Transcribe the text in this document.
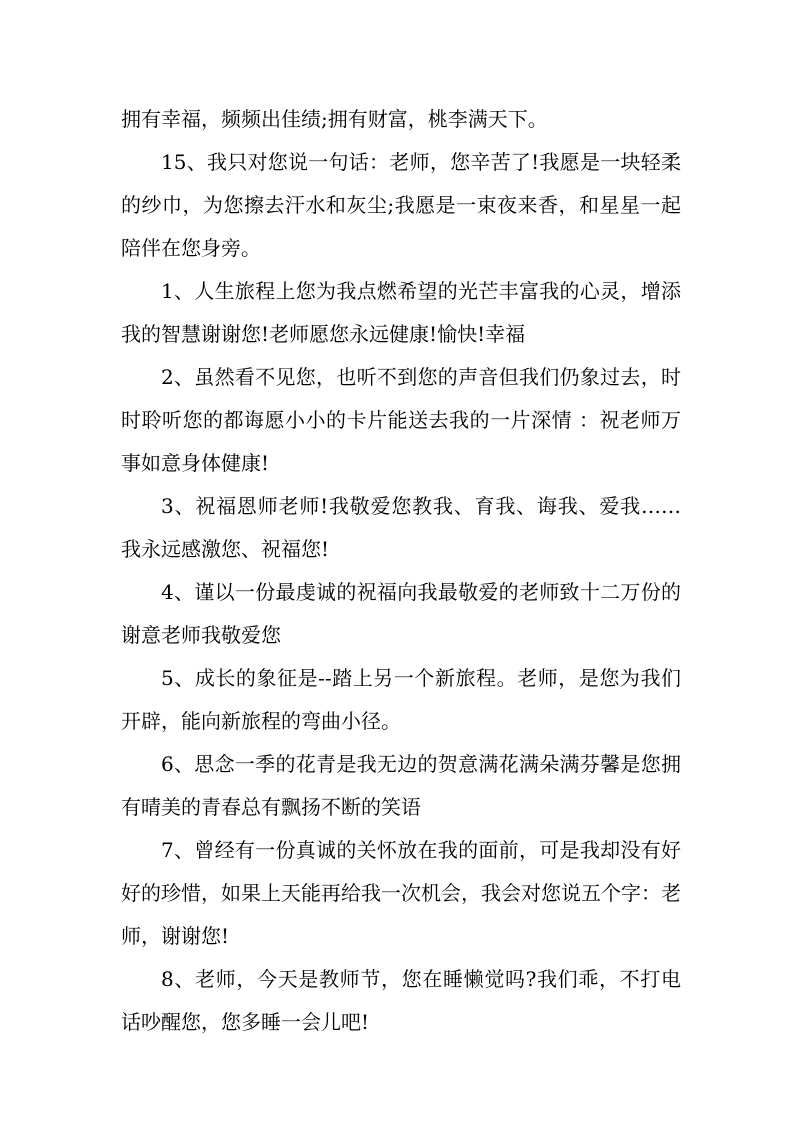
拥有幸福，频频出佳绩;拥有财富，桃李满天下。

15、我只对您说一句话：老师，您辛苦了!我愿是一块轻柔的纱巾，为您擦去汗水和灰尘;我愿是一束夜来香，和星星一起陪伴在您身旁。

1、人生旅程上您为我点燃希望的光芒丰富我的心灵，增添我的智慧谢谢您!老师愿您永远健康!愉快!幸福

2、虽然看不见您，也听不到您的声音但我们仍象过去，时时聆听您的都诲愿小小的卡片能送去我的一片深情 ：祝老师万事如意身体健康!

3、祝福恩师老师!我敬爱您教我、育我、诲我、爱我……我永远感激您、祝福您!

4、谨以一份最虔诚的祝福向我最敬爱的老师致十二万份的谢意老师我敬爱您

5、成长的象征是--踏上另一个新旅程。老师，是您为我们开辟，能向新旅程的弯曲小径。

6、思念一季的花青是我无边的贺意满花满朵满芬馨是您拥有晴美的青春总有飘扬不断的笑语

7、曾经有一份真诚的关怀放在我的面前，可是我却没有好好的珍惜，如果上天能再给我一次机会，我会对您说五个字：老师，谢谢您!

8、老师，今天是教师节，您在睡懒觉吗?我们乖，不打电话吵醒您，您多睡一会儿吧!
